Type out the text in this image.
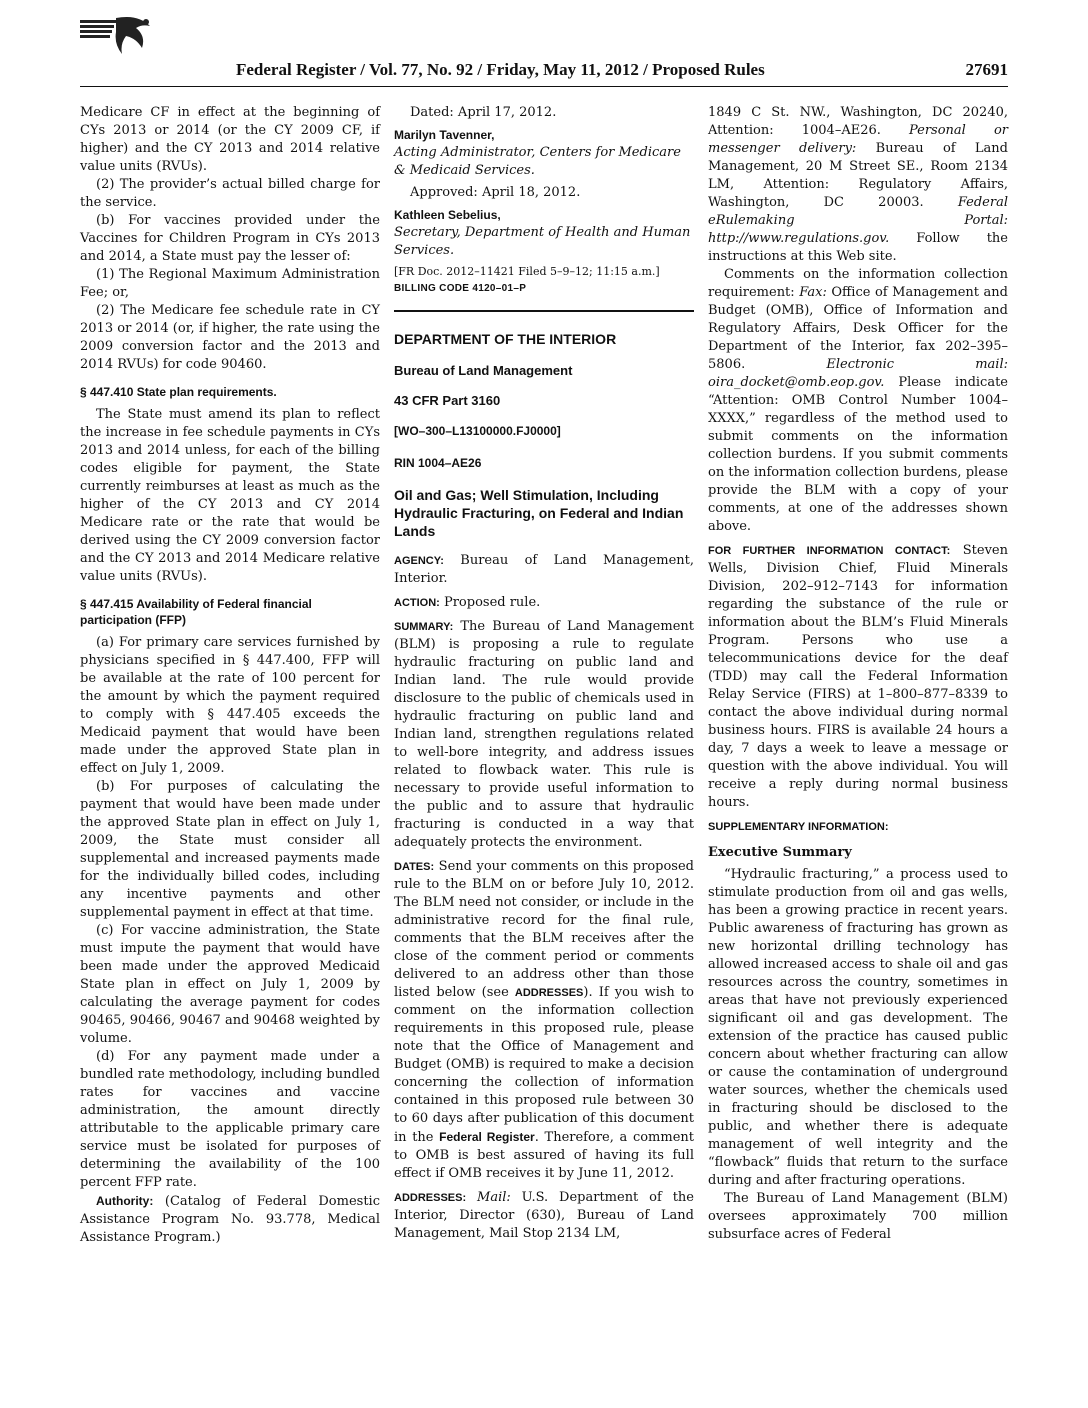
Federal Register / Vol. 77, No. 92 / Friday, May 11, 2012 / Proposed Rules	27691

Medicare CF in effect at the beginning of CYs 2013 or 2014 (or the CY 2009 CF, if higher) and the CY 2013 and 2014 relative value units (RVUs).

(2) The provider’s actual billed charge for the service.

(b) For vaccines provided under the Vaccines for Children Program in CYs 2013 and 2014, a State must pay the lesser of:

(1) The Regional Maximum Administration Fee; or,

(2) The Medicare fee schedule rate in CY 2013 or 2014 (or, if higher, the rate using the 2009 conversion factor and the 2013 and 2014 RVUs) for code 90460.

§ 447.410 State plan requirements.

The State must amend its plan to reflect the increase in fee schedule payments in CYs 2013 and 2014 unless, for each of the billing codes eligible for payment, the State currently reimburses at least as much as the higher of the CY 2013 and CY 2014 Medicare rate or the rate that would be derived using the CY 2009 conversion factor and the CY 2013 and 2014 Medicare relative value units (RVUs).

§ 447.415 Availability of Federal financial participation (FFP)

(a) For primary care services furnished by physicians specified in § 447.400, FFP will be available at the rate of 100 percent for the amount by which the payment required to comply with § 447.405 exceeds the Medicaid payment that would have been made under the approved State plan in effect on July 1, 2009.

(b) For purposes of calculating the payment that would have been made under the approved State plan in effect on July 1, 2009, the State must consider all supplemental and increased payments made for the individually billed codes, including any incentive payments and other supplemental payment in effect at that time.

(c) For vaccine administration, the State must impute the payment that would have been made under the approved Medicaid State plan in effect on July 1, 2009 by calculating the average payment for codes 90465, 90466, 90467 and 90468 weighted by volume.

(d) For any payment made under a bundled rate methodology, including bundled rates for vaccines and vaccine administration, the amount directly attributable to the applicable primary care service must be isolated for purposes of determining the availability of the 100 percent FFP rate.

Authority: (Catalog of Federal Domestic Assistance Program No. 93.778, Medical Assistance Program.)

Dated: April 17, 2012.

Marilyn Tavenner,

Acting Administrator, Centers for Medicare & Medicaid Services.

Approved: April 18, 2012.

Kathleen Sebelius,

Secretary, Department of Health and Human Services.

[FR Doc. 2012–11421 Filed 5–9–12; 11:15 a.m.]

BILLING CODE 4120–01–P

DEPARTMENT OF THE INTERIOR
Bureau of Land Management
43 CFR Part 3160
[WO–300–L13100000.FJ0000]
RIN 1004–AE26
Oil and Gas; Well Stimulation, Including Hydraulic Fracturing, on Federal and Indian Lands

AGENCY: Bureau of Land Management, Interior.

ACTION: Proposed rule.

SUMMARY: The Bureau of Land Management (BLM) is proposing a rule to regulate hydraulic fracturing on public land and Indian land. The rule would provide disclosure to the public of chemicals used in hydraulic fracturing on public land and Indian land, strengthen regulations related to well-bore integrity, and address issues related to flowback water. This rule is necessary to provide useful information to the public and to assure that hydraulic fracturing is conducted in a way that adequately protects the environment.

DATES: Send your comments on this proposed rule to the BLM on or before July 10, 2012. The BLM need not consider, or include in the administrative record for the final rule, comments that the BLM receives after the close of the comment period or comments delivered to an address other than those listed below (see ADDRESSES). If you wish to comment on the information collection requirements in this proposed rule, please note that the Office of Management and Budget (OMB) is required to make a decision concerning the collection of information contained in this proposed rule between 30 to 60 days after publication of this document in the Federal Register. Therefore, a comment to OMB is best assured of having its full effect if OMB receives it by June 11, 2012.

ADDRESSES: Mail: U.S. Department of the Interior, Director (630), Bureau of Land Management, Mail Stop 2134 LM,

1849 C St. NW., Washington, DC 20240, Attention: 1004–AE26. Personal or messenger delivery: Bureau of Land Management, 20 M Street SE., Room 2134 LM, Attention: Regulatory Affairs, Washington, DC 20003. Federal eRulemaking Portal: http://www.regulations.gov. Follow the instructions at this Web site.

Comments on the information collection requirement: Fax: Office of Management and Budget (OMB), Office of Information and Regulatory Affairs, Desk Officer for the Department of the Interior, fax 202–395–5806. Electronic mail: oira_docket@omb.eop.gov. Please indicate “Attention: OMB Control Number 1004–XXXX,” regardless of the method used to submit comments on the information collection burdens. If you submit comments on the information collection burdens, please provide the BLM with a copy of your comments, at one of the addresses shown above.

FOR FURTHER INFORMATION CONTACT: Steven Wells, Division Chief, Fluid Minerals Division, 202–912–7143 for information regarding the substance of the rule or information about the BLM’s Fluid Minerals Program. Persons who use a telecommunications device for the deaf (TDD) may call the Federal Information Relay Service (FIRS) at 1–800–877–8339 to contact the above individual during normal business hours. FIRS is available 24 hours a day, 7 days a week to leave a message or question with the above individual. You will receive a reply during normal business hours.

SUPPLEMENTARY INFORMATION:

Executive Summary

“Hydraulic fracturing,” a process used to stimulate production from oil and gas wells, has been a growing practice in recent years. Public awareness of fracturing has grown as new horizontal drilling technology has allowed increased access to shale oil and gas resources across the country, sometimes in areas that have not previously experienced significant oil and gas development. The extension of the practice has caused public concern about whether fracturing can allow or cause the contamination of underground water sources, whether the chemicals used in fracturing should be disclosed to the public, and whether there is adequate management of well integrity and the “flowback” fluids that return to the surface during and after fracturing operations.

The Bureau of Land Management (BLM) oversees approximately 700 million subsurface acres of Federal
